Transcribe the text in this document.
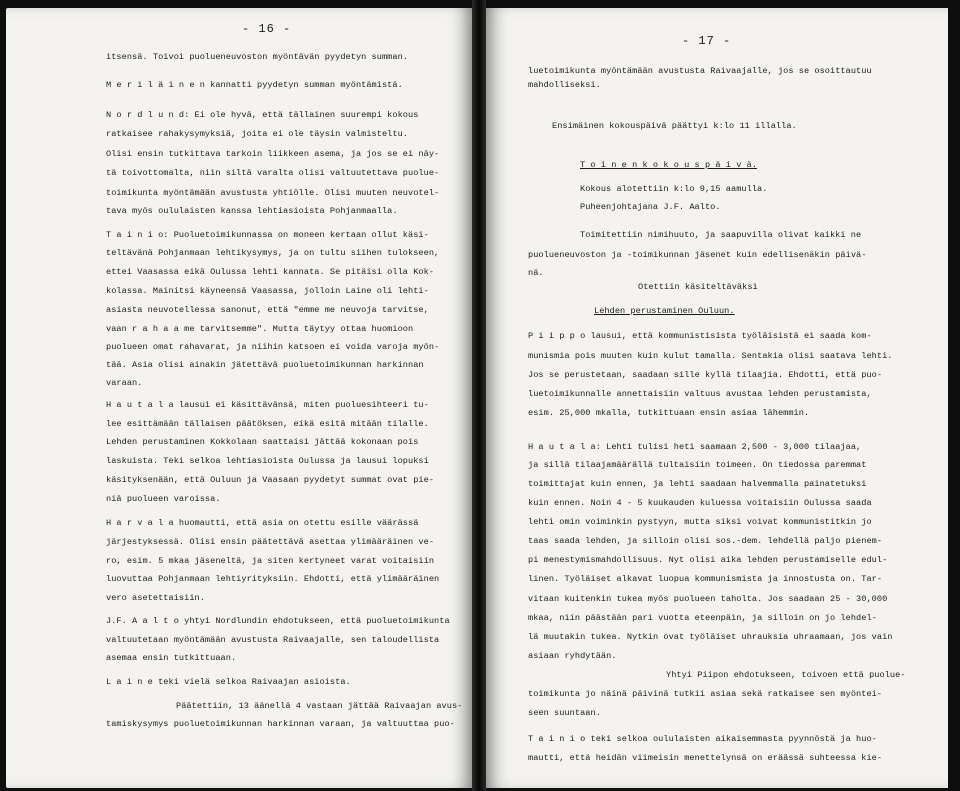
- 16 -
itsensä. Toivoi puolueneuvoston myöntävän pyydetyn summan.
M e r i l ä i n e n kannatti pyydetyn summan myöntämistä.
N o r d l u n d: Ei ole hyvä, että tällainen suurempi kokous
ratkaisee rahakysymyksiä, joita ei ole täysin valmisteltu.
Olisi ensin tutkittava tarkoin liikkeen asema, ja jos se ei näy-
tä toivottomalta, niin siltä varalta olisi valtuutettava puolue-
toimikunta myöntämään avustusta yhtiölle. Olisi muuten neuvotel-
tava myös oululaisten kanssa lehtiasioista Pohjanmaalla.
T a i n i o: Puoluetoimikunnassa on moneen kertaan ollut käsi-
teltävänä Pohjanmaan lehtikysymys, ja on tultu siihen tulokseen,
ettei Vaasassa eikä Oulussa lehti kannata. Se pitäisi olla Kok-
kolassa. Mainitsi käyneensä Vaasassa, jolloin Laine oli lehti-
asiasta neuvotellessa sanonut, että "emme me neuvoja tarvitse,
vaan r a h a a me tarvitsemme". Mutta täytyy ottaa huomioon
puolueen omat rahavarat, ja niihin katsoen ei voida varoja myön-
tää. Asia olisi ainakin jätettävä puoluetoimikunnan harkinnan
varaan.
H a u t a l a lausui ei käsittävänsä, miten puoluesihteeri tu-
lee esittämään tällaisen päätöksen, eikä esitä mitään tilalle.
Lehden perustaminen Kokkolaan saattaisi jättää kokonaan pois
laskuista. Teki selkoa lehtiasioista Oulussa ja lausui lopuksi
käsityksenään, että Ouluun ja Vaasaan pyydetyt summat ovat pie-
niä puolueen varoissa.
H a r v a l a huomautti, että asia on otettu esille väärässä
järjestyksessä. Olisi ensin päätettävä asettaa ylimääräinen ve-
ro, esim. 5 mkaa jäseneltä, ja siten kertyneet varat voitaisiin
luovuttaa Pohjanmaan lehtiyrityksiin. Ehdotti, että ylimääräinen
vero asetettaisiin.
J.F. A a l t o yhtyi Nordlundin ehdotukseen, että puoluetoimikunta
valtuutetaan myöntämään avustusta Raivaajalle, sen taloudellista
asemaa ensin tutkittuaan.
L a i n e teki vielä selkoa Raivaajan asioista.
Päätettiin, 13 äänellä 4 vastaan jättää Raivaajan avus-
tamiskysymys puoluetoimikunnan harkinnan varaan, ja valtuuttaa puo-
- 17 -
luetoimikunta myöntämään avustusta Raivaajalle, jos se osoittautuu
mahdolliseksi.
Ensimäinen kokouspäivä päättyi k:lo 11 illalla.
T o i n e n k o k o u s p ä i v ä.
Kokous alotettiin k:lo 9,15 aamulla.
Puheenjohtajana J.F. Aalto.
Toimitettiin nimihuuto, ja saapuvilla olivat kaikki ne
puolueneuvoston ja -toimikunnan jäsenet kuin edellisenäkin päivä-
nä.
Otettiin käsiteltäväksi
Lehden perustaminen Ouluun.
P i i p p o lausui, että kommunistisista työläisistä ei saada kom-
munismia pois muuten kuin kulut tamalla. Sentakia olisi saatava lehti.
Jos se perustetaan, saadaan sille kyllä tilaajia. Ehdotti, että puo-
luetoimikunnalle annettaisiin valtuus avustaa lehden perustamista,
esim. 25,000 mkalla, tutkittuaan ensin asiaa lähemmin.
H a u t a l a: Lehti tulisi heti saamaan 2,500 - 3,000 tilaajaa,
ja sillä tilaajamäärällä tultaisiin toimeen. On tiedossa paremmat
toimittajat kuin ennen, ja lehti saadaan halvemmalla painatetuksi
kuin ennen. Noin 4 - 5 kuukauden kuluessa voitaisiin Oulussa saada
lehti omin voiminkin pystyyn, mutta siksi voivat kommunistitkin jo
taas saada lehden, ja silloin olisi sos.-dem. lehdellä paljo pienem-
pi menestymismahdollisuus. Nyt olisi aika lehden perustamiselle edul-
linen. Työläiset alkavat luopua kommunismista ja innostusta on. Tar-
vitaan kuitenkin tukea myös puolueen taholta. Jos saadaan 25 - 30,000
mkaa, niin päästään pari vuotta eteenpäin, ja silloin on jo lehdel-
lä muutakin tukea. Nytkin ovat työläiset uhrauksia uhraamaan, jos vain
asiaan ryhdytään.
Yhtyi Piipon ehdotukseen, toivoen että puolue-
toimikunta jo näinä päivinä tutkii asiaa sekä ratkaisee sen myöntei-
seen suuntaan.
T a i n i o teki selkoa oululaisten aikaisemmasta pyynnöstä ja huo-
mautti, että heidän viimeisin menettelynsä on eräässä suhteessa kie-
